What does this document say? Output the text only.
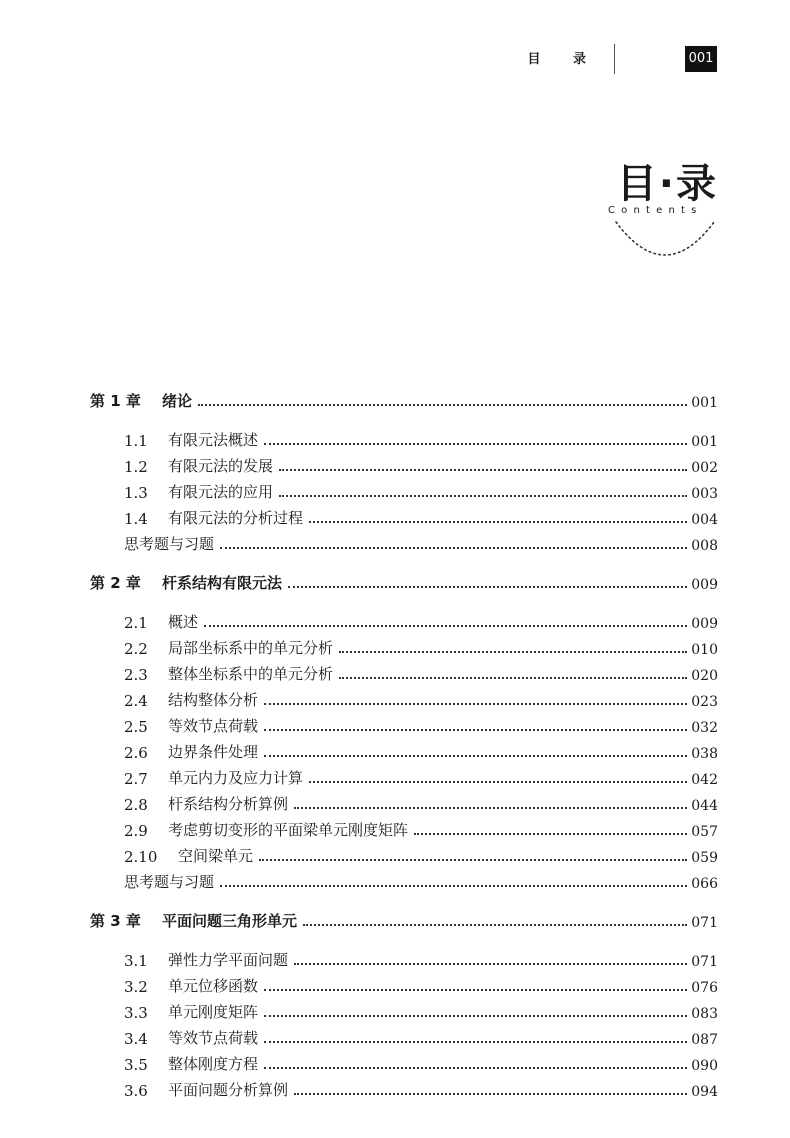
目 录	001
目·录
Contents
第 1 章	绪论	001
1.1	有限元法概述	001
1.2	有限元法的发展	002
1.3	有限元法的应用	003
1.4	有限元法的分析过程	004
思考题与习题	008
第 2 章	杆系结构有限元法	009
2.1	概述	009
2.2	局部坐标系中的单元分析	010
2.3	整体坐标系中的单元分析	020
2.4	结构整体分析	023
2.5	等效节点荷载	032
2.6	边界条件处理	038
2.7	单元内力及应力计算	042
2.8	杆系结构分析算例	044
2.9	考虑剪切变形的平面梁单元刚度矩阵	057
2.10	空间梁单元	059
思考题与习题	066
第 3 章	平面问题三角形单元	071
3.1	弹性力学平面问题	071
3.2	单元位移函数	076
3.3	单元刚度矩阵	083
3.4	等效节点荷载	087
3.5	整体刚度方程	090
3.6	平面问题分析算例	094
